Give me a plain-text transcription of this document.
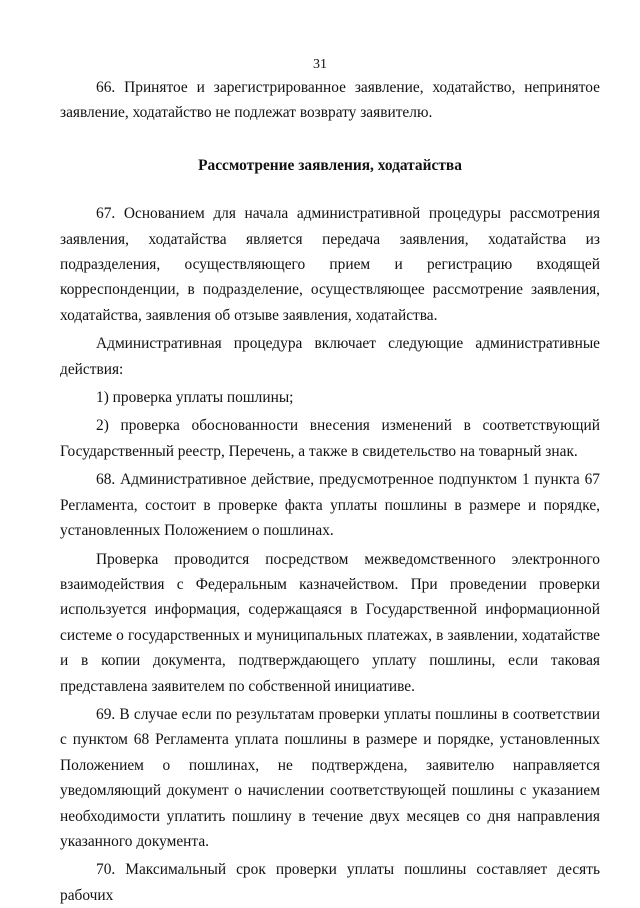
31

66. Принятое и зарегистрированное заявление, ходатайство, непринятое заявление, ходатайство не подлежат возврату заявителю.

Рассмотрение заявления, ходатайства

67. Основанием для начала административной процедуры рассмотрения заявления, ходатайства является передача заявления, ходатайства из подразделения, осуществляющего прием и регистрацию входящей корреспонденции, в подразделение, осуществляющее рассмотрение заявления, ходатайства, заявления об отзыве заявления, ходатайства.

Административная процедура включает следующие административные действия:

1) проверка уплаты пошлины;

2) проверка обоснованности внесения изменений в соответствующий Государственный реестр, Перечень, а также в свидетельство на товарный знак.

68. Административное действие, предусмотренное подпунктом 1 пункта 67 Регламента, состоит в проверке факта уплаты пошлины в размере и порядке, установленных Положением о пошлинах.

Проверка проводится посредством межведомственного электронного взаимодействия с Федеральным казначейством. При проведении проверки используется информация, содержащаяся в Государственной информационной системе о государственных и муниципальных платежах, в заявлении, ходатайстве и в копии документа, подтверждающего уплату пошлины, если таковая представлена заявителем по собственной инициативе.

69. В случае если по результатам проверки уплаты пошлины в соответствии с пунктом 68 Регламента уплата пошлины в размере и порядке, установленных Положением о пошлинах, не подтверждена, заявителю направляется уведомляющий документ о начислении соответствующей пошлины с указанием необходимости уплатить пошлину в течение двух месяцев со дня направления указанного документа.

70. Максимальный срок проверки уплаты пошлины составляет десять рабочих
